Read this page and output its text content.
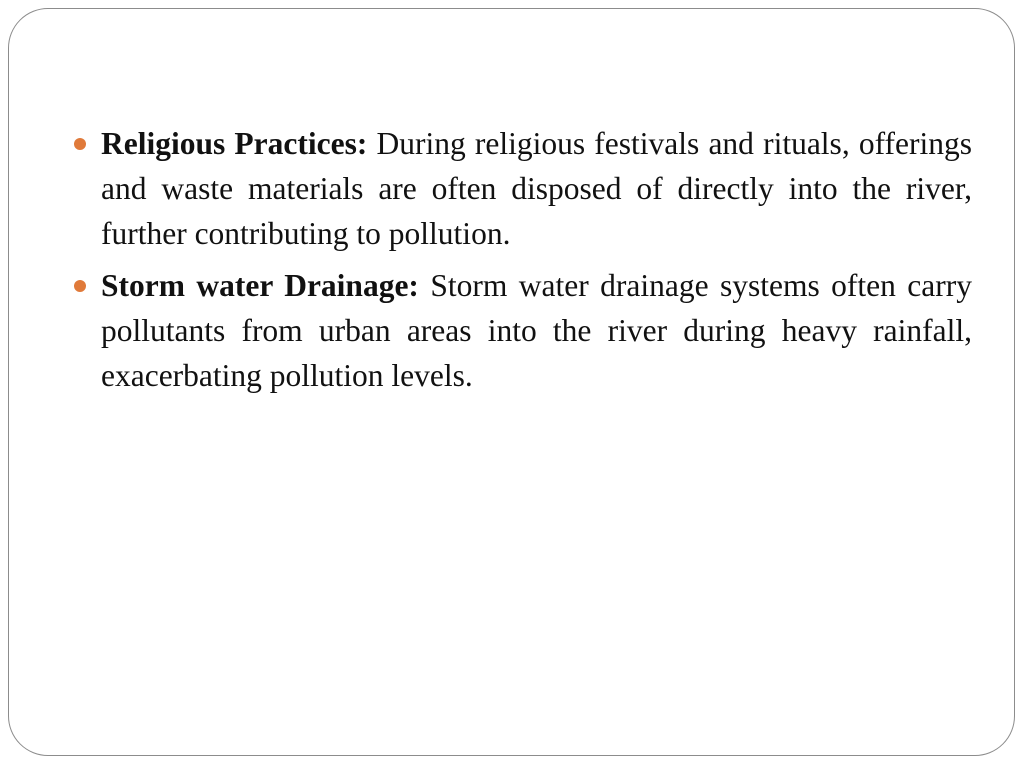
Religious Practices: During religious festivals and rituals, offerings and waste materials are often disposed of directly into the river, further contributing to pollution.
Storm water Drainage: Storm water drainage systems often carry pollutants from urban areas into the river during heavy rainfall, exacerbating pollution levels.
